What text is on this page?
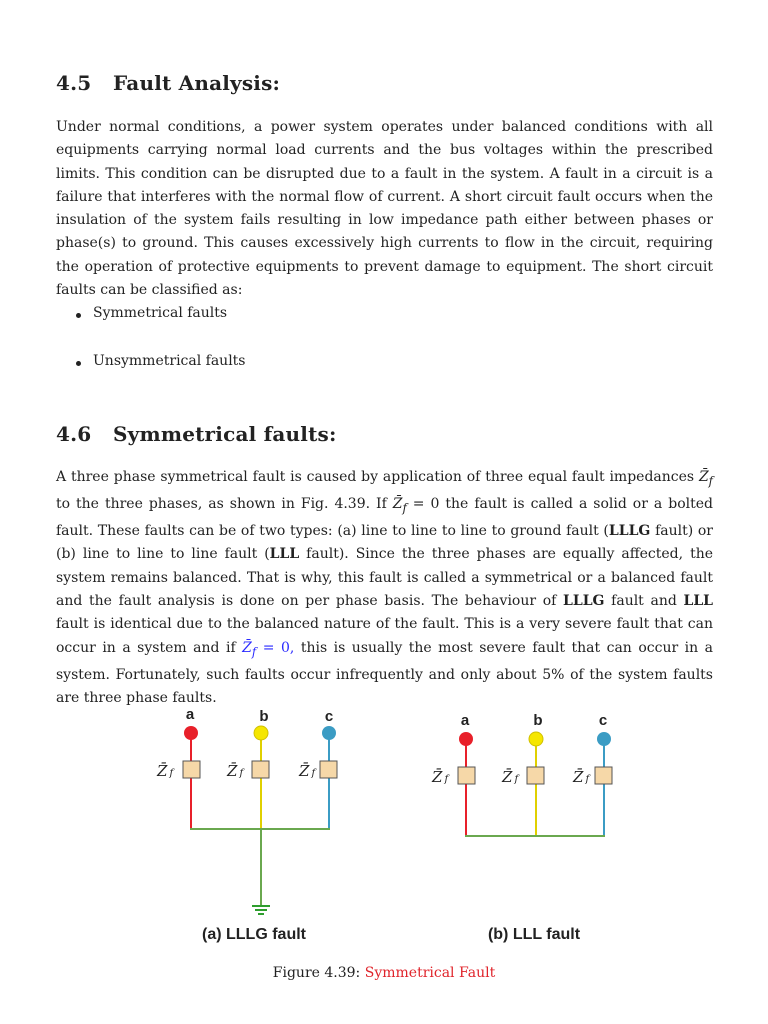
4.5 Fault Analysis:

Under normal conditions, a power system operates under balanced conditions with all equipments carrying normal load currents and the bus voltages within the prescribed limits. This condition can be disrupted due to a fault in the system. A fault in a circuit is a failure that interferes with the normal flow of current. A short circuit fault occurs when the insulation of the system fails resulting in low impedance path either between phases or phase(s) to ground. This causes excessively high currents to flow in the circuit, requiring the operation of protective equipments to prevent damage to equipment. The short circuit faults can be classified as:

Symmetrical faults
Unsymmetrical faults
4.6 Symmetrical faults:

A three phase symmetrical fault is caused by application of three equal fault impedances $Z̄_f$ to the three phases, as shown in Fig. 4.39. If $Z̄_f = 0$ the fault is called a solid or a bolted fault. These faults can be of two types: (a) line to line to line to ground fault (LLLG fault) or (b) line to line to line fault (LLL fault). Since the three phases are equally affected, the system remains balanced. That is why, this fault is called a symmetrical or a balanced fault and the fault analysis is done on per phase basis. The behaviour of LLLG fault and LLL fault is identical due to the balanced nature of the fault. This is a very severe fault that can occur in a system and if $Z̄_f = 0$, this is usually the most severe fault that can occur in a system. Fortunately, such faults occur infrequently and only about 5% of the system faults are three phase faults.

a	b	c
Z̄f	Z̄f	Z̄f
(a) LLLG fault
a	b	c
Z̄f	Z̄f	Z̄f
(b) LLL fault

Figure 4.39: Symmetrical Fault
